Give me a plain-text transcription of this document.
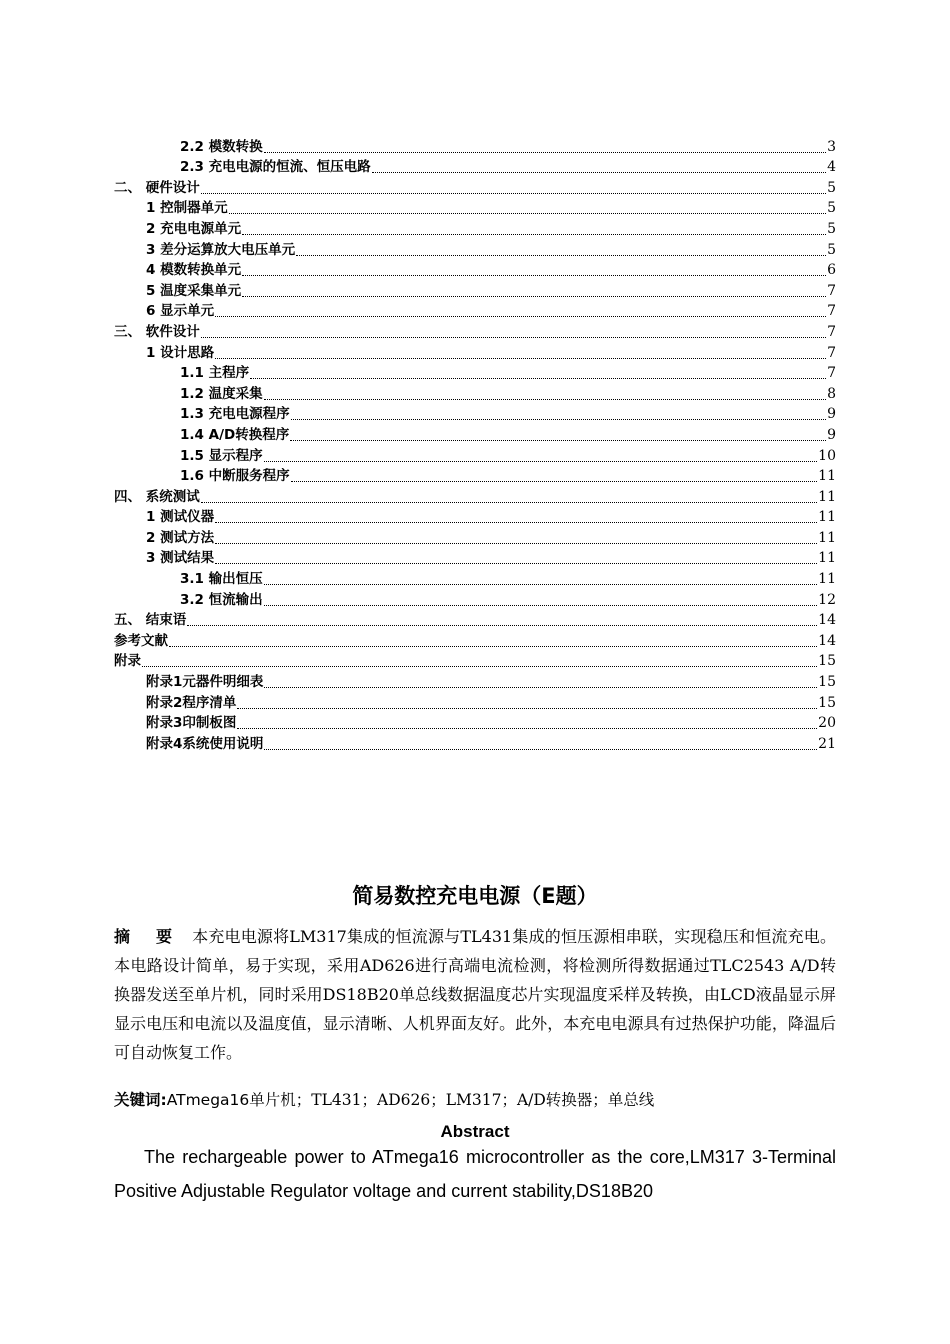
2.2 模数转换	3
2.3 充电电源的恒流、恒压电路	4
二、 硬件设计	5
1 控制器单元	5
2 充电电源单元	5
3 差分运算放大电压单元	5
4 模数转换单元	6
5 温度采集单元	7
6 显示单元	7
三、 软件设计	7
1 设计思路	7
1.1 主程序	7
1.2 温度采集	8
1.3 充电电源程序	9
1.4 A/D转换程序	9
1.5 显示程序	10
1.6 中断服务程序	11
四、 系统测试	11
1 测试仪器	11
2 测试方法	11
3 测试结果	11
3.1 输出恒压	11
3.2 恒流输出	12
五、 结束语	14
参考文献	14
附录	15
附录1元器件明细表	15
附录2程序清单	15
附录3印制板图	20
附录4系统使用说明	21
简易数控充电电源（E题）
摘 要 本充电电源将LM317集成的恒流源与TL431集成的恒压源相串联，实现稳压和恒流充电。本电路设计简单，易于实现，采用AD626进行高端电流检测，将检测所得数据通过TLC2543 A/D转换器发送至单片机，同时采用DS18B20单总线数据温度芯片实现温度采样及转换，由LCD液晶显示屏显示电压和电流以及温度值，显示清晰、人机界面友好。此外，本充电电源具有过热保护功能，降温后可自动恢复工作。
关键词:ATmega16单片机；TL431；AD626；LM317；A/D转换器；单总线
Abstract
The rechargeable power to ATmega16 microcontroller as the core,LM317 3-Terminal Positive Adjustable Regulator voltage and current stability,DS18B20
